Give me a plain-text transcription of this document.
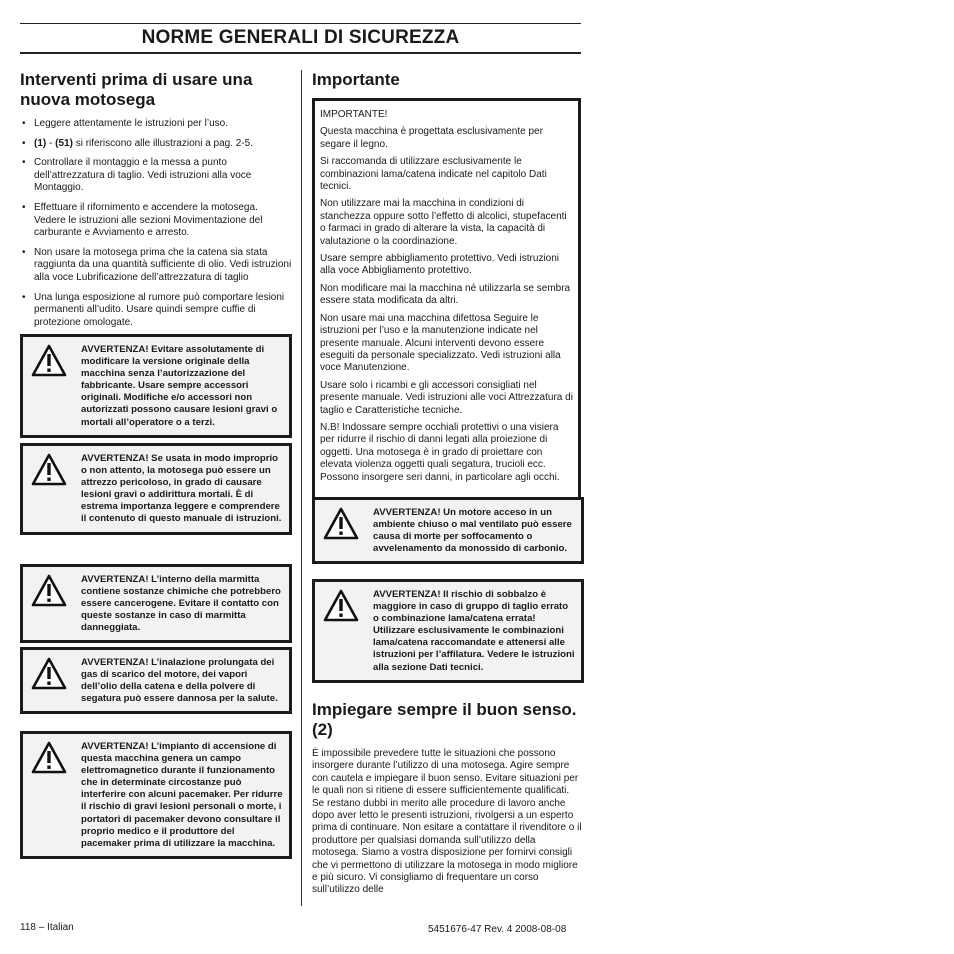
NORME GENERALI DI SICUREZZA
Interventi prima di usare una nuova motosega
• Leggere attentamente le istruzioni per l’uso.
• (1) - (51) si riferiscono alle illustrazioni a pag. 2-5.
• Controllare il montaggio e la messa a punto dell’attrezzatura di taglio. Vedi istruzioni alla voce Montaggio.
• Effettuare il rifornimento e accendere la motosega. Vedere le istruzioni alle sezioni Movimentazione del carburante e Avviamento e arresto.
• Non usare la motosega prima che la catena sia stata raggiunta da una quantità sufficiente di olio. Vedi istruzioni alla voce Lubrificazione dell’attrezzatura di taglio
• Una lunga esposizione al rumore può comportare lesioni permanenti all’udito. Usare quindi sempre cuffie di protezione omologate.
AVVERTENZA! Evitare assolutamente di modificare la versione originale della macchina senza l’autorizzazione del fabbricante. Usare sempre accessori originali. Modifiche e/o accessori non autorizzati possono causare lesioni gravi o mortali all’operatore o a terzi.
AVVERTENZA! Se usata in modo improprio o non attento, la motosega può essere un attrezzo pericoloso, in grado di causare lesioni gravi o addirittura mortali. È di estrema importanza leggere e comprendere il contenuto di questo manuale di istruzioni.
AVVERTENZA! L’interno della marmitta contiene sostanze chimiche che potrebbero essere cancerogene. Evitare il contatto con queste sostanze in caso di marmitta danneggiata.
AVVERTENZA! L’inalazione prolungata dei gas di scarico del motore, dei vapori dell’olio della catena e della polvere di segatura può essere dannosa per la salute.
AVVERTENZA! L’impianto di accensione di questa macchina genera un campo elettromagnetico durante il funzionamento che in determinate circostanze può interferire con alcuni pacemaker. Per ridurre il rischio di gravi lesioni personali o morte, i portatori di pacemaker devono consultare il proprio medico e il produttore del pacemaker prima di utilizzare la macchina.
Importante

IMPORTANTE!

Questa macchina è progettata esclusivamente per segare il legno.

Si raccomanda di utilizzare esclusivamente le combinazioni lama/catena indicate nel capitolo Dati tecnici.

Non utilizzare mai la macchina in condizioni di stanchezza oppure sotto l’effetto di alcolici, stupefacenti o farmaci in grado di alterare la vista, la capacità di valutazione o la coordinazione.

Usare sempre abbigliamento protettivo. Vedi istruzioni alla voce Abbigliamento protettivo.

Non modificare mai la macchina né utilizzarla se sembra essere stata modificata da altri.

Non usare mai una macchina difettosa Seguire le istruzioni per l’uso e la manutenzione indicate nel presente manuale. Alcuni interventi devono essere eseguiti da personale specializzato. Vedi istruzioni alla voce Manutenzione.

Usare solo i ricambi e gli accessori consigliati nel presente manuale. Vedi istruzioni alle voci Attrezzatura di taglio e Caratteristiche tecniche.

N.B! Indossare sempre occhiali protettivi o una visiera per ridurre il rischio di danni legati alla proiezione di oggetti. Una motosega è in grado di proiettare con elevata violenza oggetti quali segatura, trucioli ecc. Possono insorgere seri danni, in particolare agli occhi.

AVVERTENZA! Un motore acceso in un ambiente chiuso o mal ventilato può essere causa di morte per soffocamento o avvelenamento da monossido di carbonio.
AVVERTENZA! Il rischio di sobbalzo è maggiore in caso di gruppo di taglio errato o combinazione lama/catena errata! Utilizzare esclusivamente le combinazioni lama/catena raccomandate e attenersi alle istruzioni per l’affilatura. Vedere le istruzioni alla sezione Dati tecnici.
Impiegare sempre il buon senso. (2)

È impossibile prevedere tutte le situazioni che possono insorgere durante l’utilizzo di una motosega. Agire sempre con cautela e impiegare il buon senso. Evitare situazioni per le quali non si ritiene di essere sufficientemente qualificati. Se restano dubbi in merito alle procedure di lavoro anche dopo aver letto le presenti istruzioni, rivolgersi a un esperto prima di continuare. Non esitare a contattare il rivenditore o il produttore per qualsiasi domanda sull’utilizzo della motosega. Siamo a vostra disposizione per fornirvi consigli che vi permettono di utilizzare la motosega in modo migliore e più sicuro. Vi consigliamo di frequentare un corso sull’utilizzo delle

118 – Italian	5451676-47 Rev. 4 2008-08-08
